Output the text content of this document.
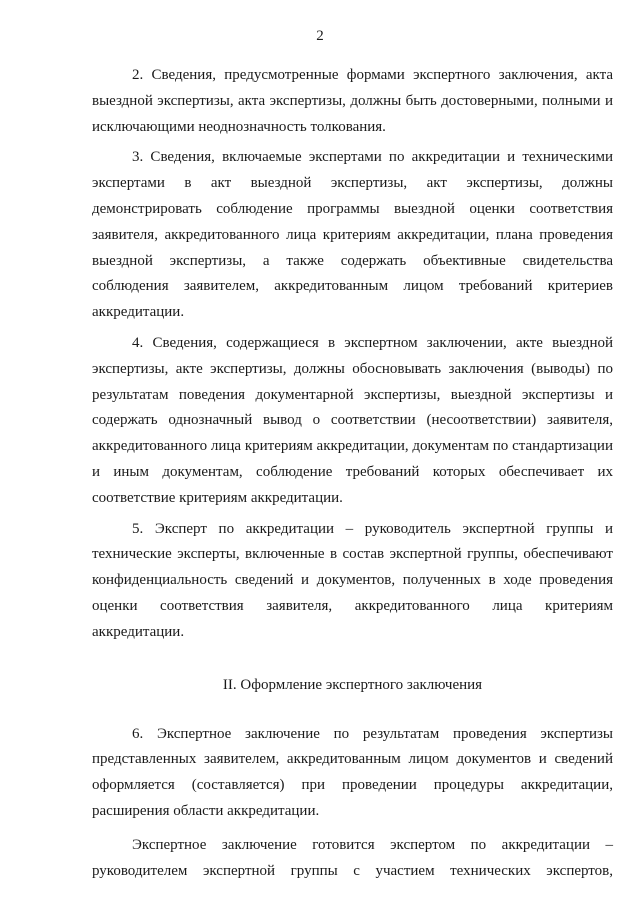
2

2. Сведения, предусмотренные формами экспертного заключения, акта выездной экспертизы, акта экспертизы, должны быть достоверными, полными и исключающими неоднозначность толкования.

3. Сведения, включаемые экспертами по аккредитации и техническими экспертами в акт выездной экспертизы, акт экспертизы, должны демонстрировать соблюдение программы выездной оценки соответствия заявителя, аккредитованного лица критериям аккредитации, плана проведения выездной экспертизы, а также содержать объективные свидетельства соблюдения заявителем, аккредитованным лицом требований критериев аккредитации.

4. Сведения, содержащиеся в экспертном заключении, акте выездной экспертизы, акте экспертизы, должны обосновывать заключения (выводы) по результатам поведения документарной экспертизы, выездной экспертизы и содержать однозначный вывод о соответствии (несоответствии) заявителя, аккредитованного лица критериям аккредитации, документам по стандартизации и иным документам, соблюдение требований которых обеспечивает их соответствие критериям аккредитации.

5. Эксперт по аккредитации – руководитель экспертной группы и технические эксперты, включенные в состав экспертной группы, обеспечивают конфиденциальность сведений и документов, полученных в ходе проведения оценки соответствия заявителя, аккредитованного лица критериям аккредитации.

II. Оформление экспертного заключения

6. Экспертное заключение по результатам проведения экспертизы представленных заявителем, аккредитованным лицом документов и сведений оформляется (составляется) при проведении процедуры аккредитации, расширения области аккредитации.

Экспертное заключение готовится экспертом по аккредитации – руководителем экспертной группы с участием технических экспертов,
